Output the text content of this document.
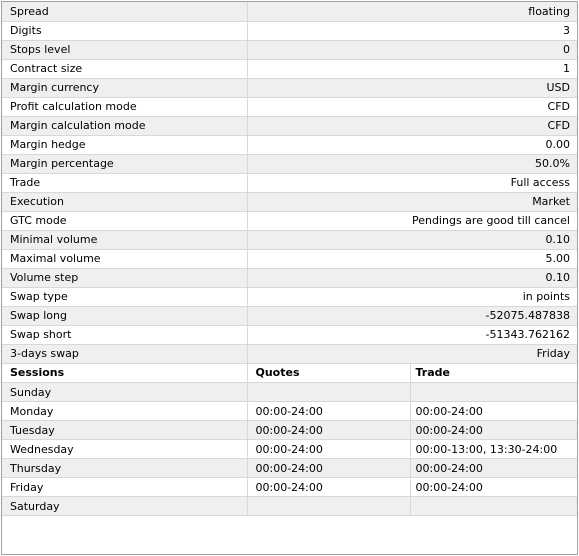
Spread	floating
Digits	3
Stops level	0
Contract size	1
Margin currency	USD
Profit calculation mode	CFD
Margin calculation mode	CFD
Margin hedge	0.00
Margin percentage	50.0%
Trade	Full access
Execution	Market
GTC mode	Pendings are good till cancel
Minimal volume	0.10
Maximal volume	5.00
Volume step	0.10
Swap type	in points
Swap long	-52075.487838
Swap short	-51343.762162
3-days swap	Friday
Sessions	Quotes	Trade
Sunday		
Monday	00:00-24:00	00:00-24:00
Tuesday	00:00-24:00	00:00-24:00
Wednesday	00:00-24:00	00:00-13:00, 13:30-24:00
Thursday	00:00-24:00	00:00-24:00
Friday	00:00-24:00	00:00-24:00
Saturday		
